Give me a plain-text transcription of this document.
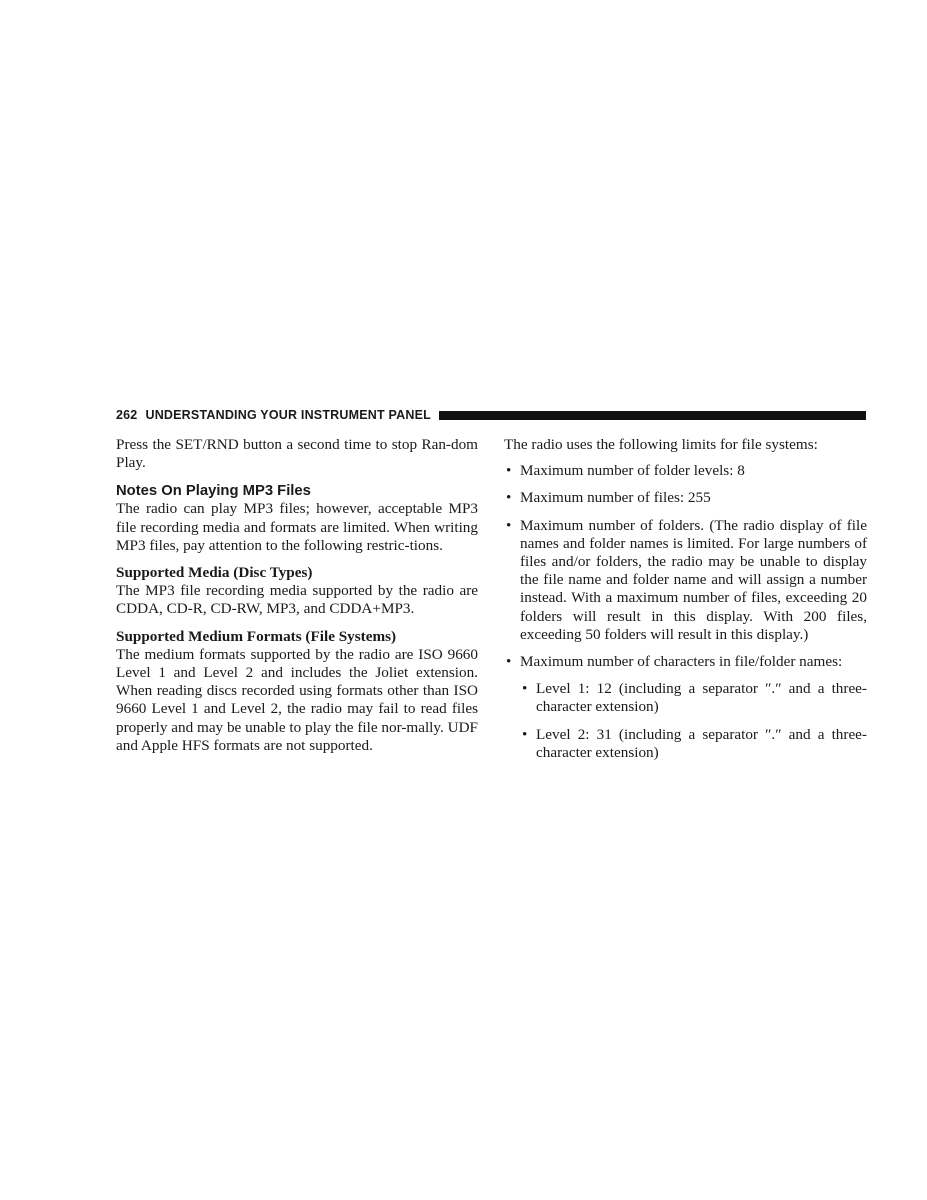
262 UNDERSTANDING YOUR INSTRUMENT PANEL

Press the SET/RND button a second time to stop Ran-dom Play.

Notes On Playing MP3 Files

The radio can play MP3 files; however, acceptable MP3 file recording media and formats are limited. When writing MP3 files, pay attention to the following restric-tions.

Supported Media (Disc Types)

The MP3 file recording media supported by the radio are CDDA, CD-R, CD-RW, MP3, and CDDA+MP3.

Supported Medium Formats (File Systems)

The medium formats supported by the radio are ISO 9660 Level 1 and Level 2 and includes the Joliet extension. When reading discs recorded using formats other than ISO 9660 Level 1 and Level 2, the radio may fail to read files properly and may be unable to play the file nor-mally. UDF and Apple HFS formats are not supported.

The radio uses the following limits for file systems:

• Maximum number of folder levels: 8
• Maximum number of files: 255
• Maximum number of folders. (The radio display of file names and folder names is limited. For large numbers of files and/or folders, the radio may be unable to display the file name and folder name and will assign a number instead. With a maximum number of files, exceeding 20 folders will result in this display. With 200 files, exceeding 50 folders will result in this display.)
• Maximum number of characters in file/folder names:
• Level 1: 12 (including a separator ″.″ and a three-character extension)
• Level 2: 31 (including a separator ″.″ and a three-character extension)
